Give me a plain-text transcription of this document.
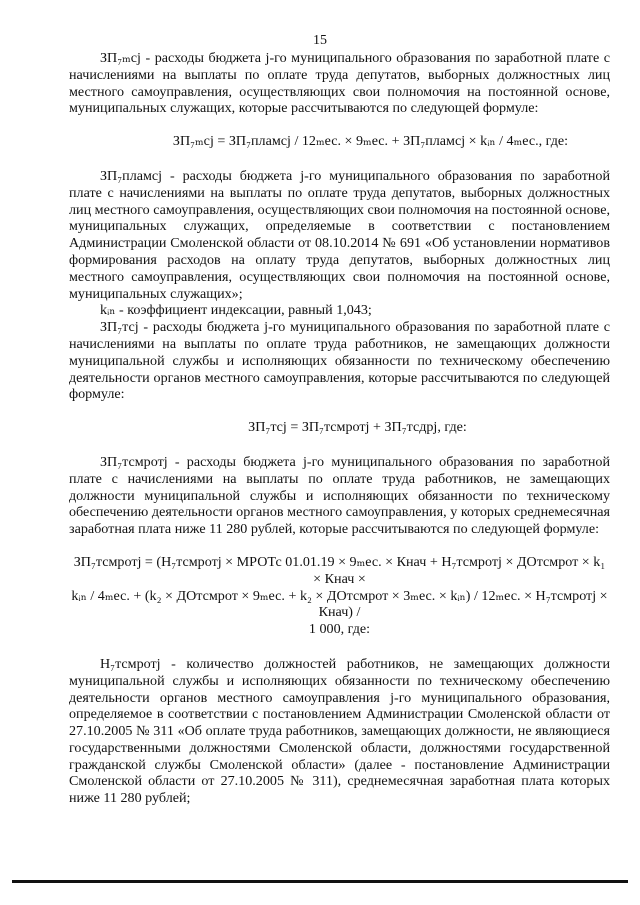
15

ЗП₇ₘсj - расходы бюджета j-го муниципального образования по заработной плате с начислениями на выплаты по оплате труда депутатов, выборных должностных лиц местного самоуправления, осуществляющих свои полномочия на постоянной основе, муниципальных служащих, которые рассчитываются по следующей формуле:

ЗП₇ₘсj = ЗП₇пламсj / 12ₘес. × 9ₘес. + ЗП₇пламсj × kᵢₙ / 4ₘес., где:

ЗП₇пламсj - расходы бюджета j-го муниципального образования по заработной плате с начислениями на выплаты по оплате труда депутатов, выборных должностных лиц местного самоуправления, осуществляющих свои полномочия на постоянной основе, муниципальных служащих, определяемые в соответствии с постановлением Администрации Смоленской области от 08.10.2014 № 691 «Об установлении нормативов формирования расходов на оплату труда депутатов, выборных должностных лиц местного самоуправления, осуществляющих свои полномочия на постоянной основе, муниципальных служащих»;

kᵢₙ - коэффициент индексации, равный 1,043;

ЗП₇тсj - расходы бюджета j-го муниципального образования по заработной плате с начислениями на выплаты по оплате труда работников, не замещающих должности муниципальной службы и исполняющих обязанности по техническому обеспечению деятельности органов местного самоуправления, которые рассчитываются по следующей формуле:

ЗП₇тсj = ЗП₇тсмротj + ЗП₇тсдрj, где:

ЗП₇тсмротj - расходы бюджета j-го муниципального образования по заработной плате с начислениями на выплаты по оплате труда работников, не замещающих должности муниципальной службы и исполняющих обязанности по техническому обеспечению деятельности органов местного самоуправления, у которых среднемесячная заработная плата ниже 11 280 рублей, которые рассчитываются по следующей формуле:

ЗП₇тсмротj = (Н₇тсмротj × МРОТс 01.01.19 × 9ₘес. × Кнач + Н₇тсмротj × ДОтсмрот × k₁ × Кнач ×

kᵢₙ / 4ₘес. + (k₂ × ДОтсмрот × 9ₘес. + k₂ × ДОтсмрот × 3ₘес. × kᵢₙ) / 12ₘес. × Н₇тсмротj × Кнач) /

1 000, где:

Н₇тсмротj - количество должностей работников, не замещающих должности муниципальной службы и исполняющих обязанности по техническому обеспечению деятельности органов местного самоуправления j-го муниципального образования, определяемое в соответствии с постановлением Администрации Смоленской области от 27.10.2005 № 311 «Об оплате труда работников, замещающих должности, не являющиеся государственными должностями Смоленской области, должностями государственной гражданской службы Смоленской области» (далее - постановление Администрации Смоленской области от 27.10.2005 № 311), среднемесячная заработная плата которых ниже 11 280 рублей;
